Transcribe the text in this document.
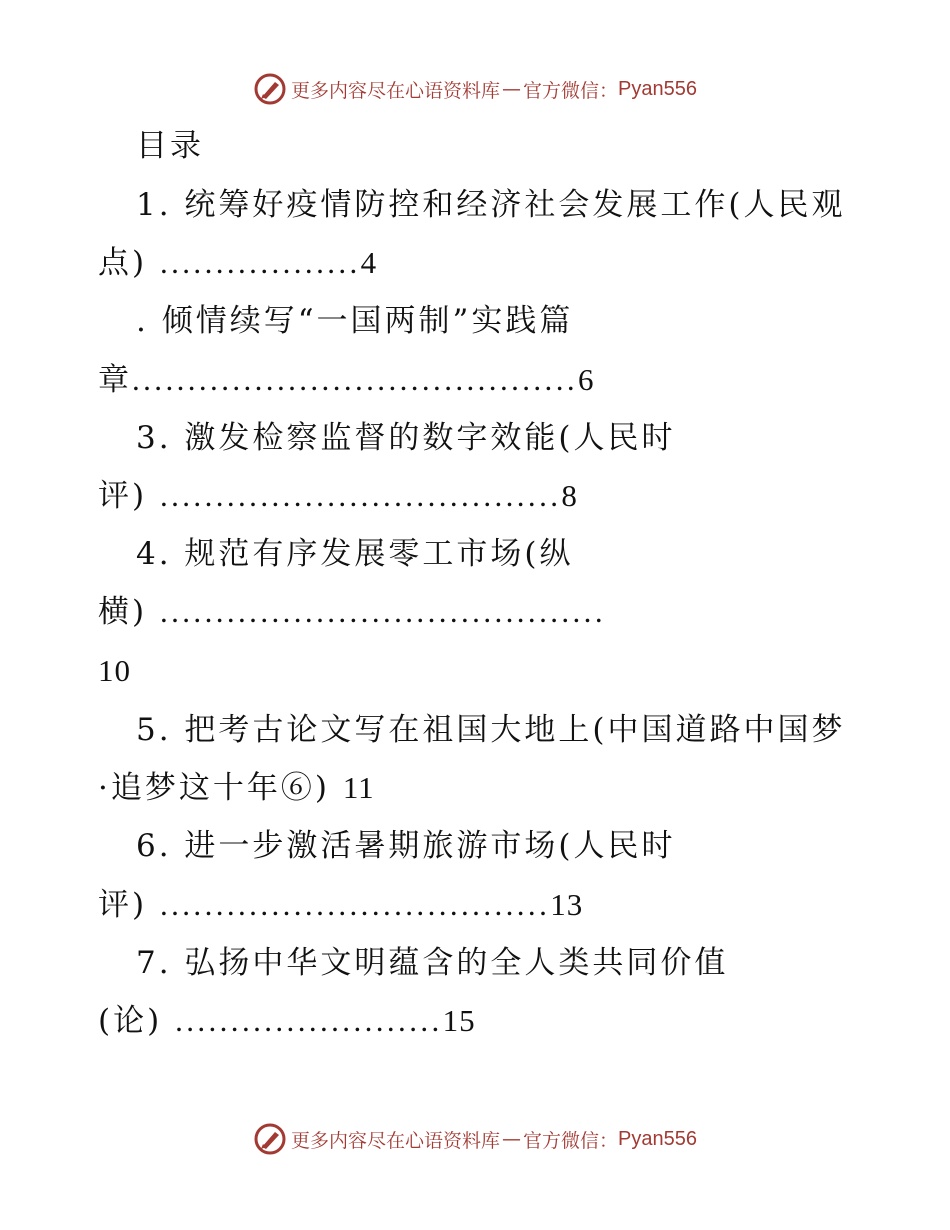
更多内容尽在心语资料库 — 官方微信： Pyan556
目录
1. 统筹好疫情防控和经济社会发展工作(人民观
点) ..................4
. 倾情续写“一国两制”实践篇
章........................................6
3. 激发检察监督的数字效能(人民时
评) ....................................8
4. 规范有序发展零工市场(纵
横) ........................................
10
5. 把考古论文写在祖国大地上(中国道路中国梦
·追梦这十年⑥) 11
6. 进一步激活暑期旅游市场(人民时
评) ...................................13
7. 弘扬中华文明蕴含的全人类共同价值
(论) ........................15
更多内容尽在心语资料库 — 官方微信： Pyan556
